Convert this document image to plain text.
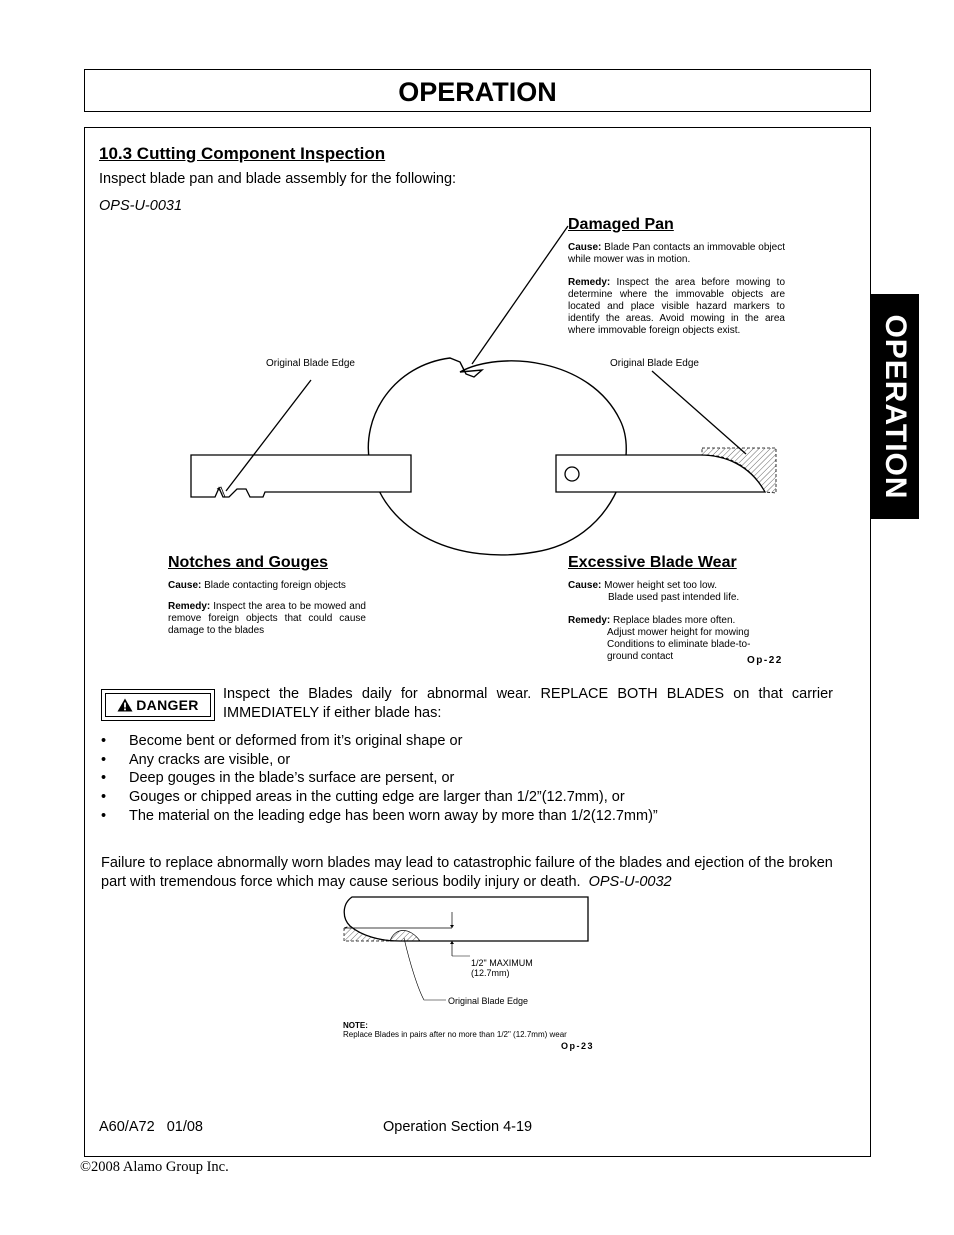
OPERATION
OPERATION
10.3 Cutting Component Inspection
Inspect blade pan and blade assembly for the following:
OPS-U-0031
Damaged Pan
Cause: Blade Pan contacts an immovable object while mower was in motion.
Remedy: Inspect the area before mowing to determine where the immovable objects are located and place visible hazard markers to identify the areas. Avoid mowing in the area where immovable foreign objects exist.
Original Blade Edge	Original Blade Edge
Notches and Gouges
Cause: Blade contacting foreign objects
Remedy: Inspect the area to be mowed and remove foreign objects that could cause damage to the blades
Excessive Blade Wear
Cause: Mower height set too low.
Blade used past intended life.
Remedy: Replace blades more often.
Adjust mower height for mowing
Conditions to eliminate blade-to-
ground contact	Op-22
DANGER
Inspect the Blades daily for abnormal wear. REPLACE BOTH BLADES on that carrier IMMEDIATELY if either blade has:
•	Become bent or deformed from it’s original shape or
•	Any cracks are visible, or
•	Deep gouges in the blade’s surface are persent, or
•	Gouges or chipped areas in the cutting edge are larger than 1/2”(12.7mm), or
•	The material on the leading edge has been worn away by more than 1/2(12.7mm)”
Failure to replace abnormally worn blades may lead to catastrophic failure of the blades and ejection of the broken part with tremendous force which may cause serious bodily injury or death. OPS-U-0032
1/2" MAXIMUM
(12.7mm)
Original Blade Edge
NOTE:
Replace Blades in pairs after no more than 1/2" (12.7mm) wear
Op-23
A60/A72   01/08	Operation Section 4-19
©2008 Alamo Group Inc.
